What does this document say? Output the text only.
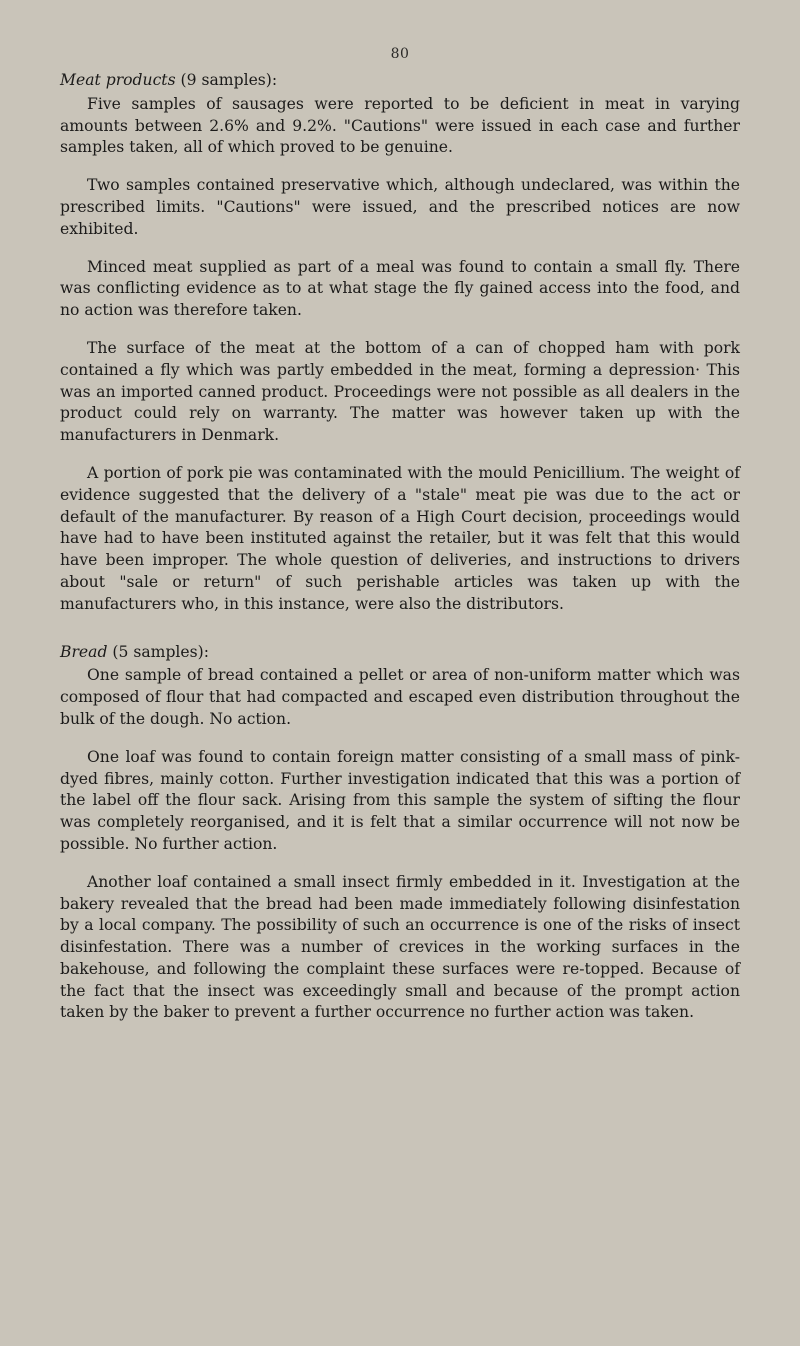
80

Meat products (9 samples):

Five samples of sausages were reported to be deficient in meat in varying amounts between 2.6% and 9.2%. "Cautions" were issued in each case and further samples taken, all of which proved to be genuine.

Two samples contained preservative which, although undeclared, was within the prescribed limits. "Cautions" were issued, and the prescribed notices are now exhibited.

Minced meat supplied as part of a meal was found to contain a small fly. There was conflicting evidence as to at what stage the fly gained access into the food, and no action was therefore taken.

The surface of the meat at the bottom of a can of chopped ham with pork contained a fly which was partly embedded in the meat, forming a depression· This was an imported canned product. Proceedings were not possible as all dealers in the product could rely on warranty. The matter was however taken up with the manufacturers in Denmark.

A portion of pork pie was contaminated with the mould Penicillium. The weight of evidence suggested that the delivery of a "stale" meat pie was due to the act or default of the manufacturer. By reason of a High Court decision, proceedings would have had to have been instituted against the retailer, but it was felt that this would have been improper. The whole question of deliveries, and instructions to drivers about "sale or return" of such perishable articles was taken up with the manufacturers who, in this instance, were also the distributors.

Bread (5 samples):

One sample of bread contained a pellet or area of non-uniform matter which was composed of flour that had compacted and escaped even distribution throughout the bulk of the dough. No action.

One loaf was found to contain foreign matter consisting of a small mass of pink-dyed fibres, mainly cotton. Further investigation indicated that this was a portion of the label off the flour sack. Arising from this sample the system of sifting the flour was completely reorganised, and it is felt that a similar occurrence will not now be possible. No further action.

Another loaf contained a small insect firmly embedded in it. Investigation at the bakery revealed that the bread had been made immediately following disinfestation by a local company. The possibility of such an occurrence is one of the risks of insect disinfestation. There was a number of crevices in the working surfaces in the bakehouse, and following the complaint these surfaces were re-topped. Because of the fact that the insect was exceedingly small and because of the prompt action taken by the baker to prevent a further occurrence no further action was taken.
